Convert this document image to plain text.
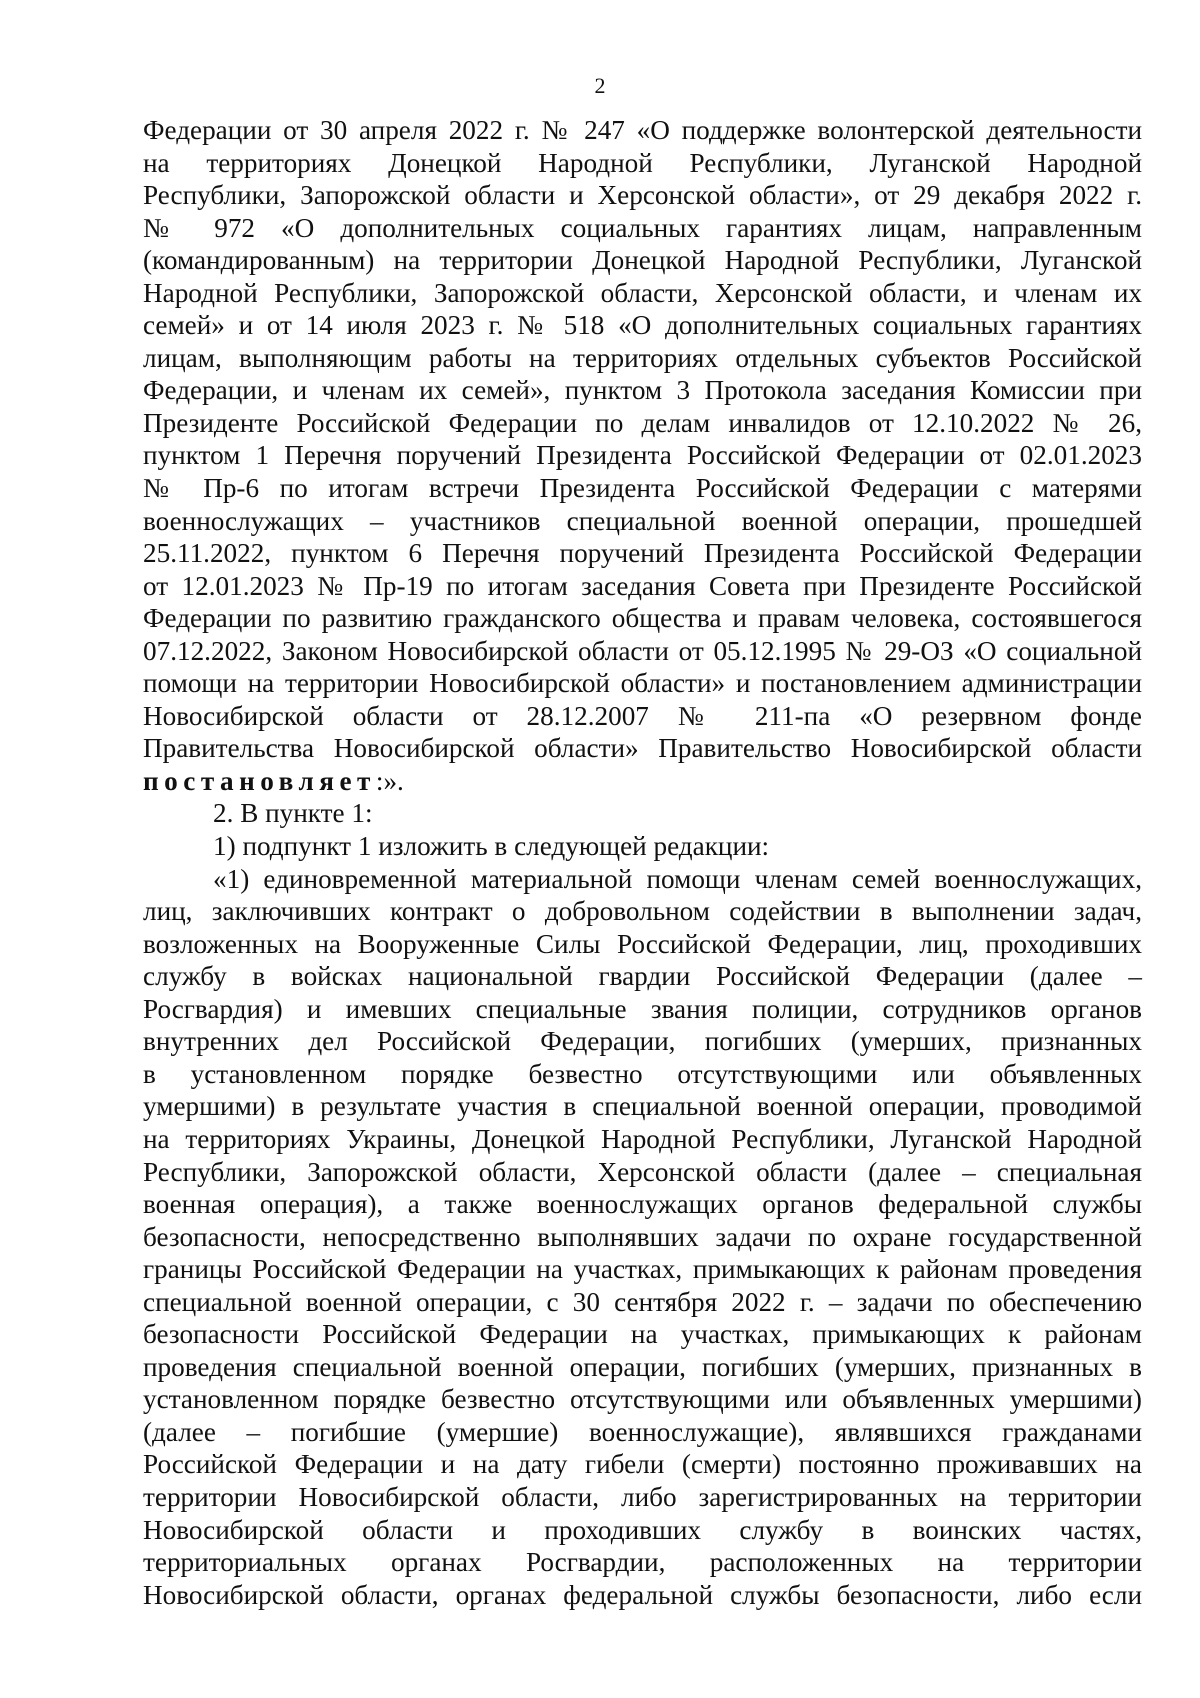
2
Федерации от 30 апреля 2022 г. № 247 «О поддержке волонтерской деятельности
на территориях Донецкой Народной Республики, Луганской Народной
Республики, Запорожской области и Херсонской области», от 29 декабря 2022 г.
№ 972 «О дополнительных социальных гарантиях лицам, направленным
(командированным) на территории Донецкой Народной Республики, Луганской
Народной Республики, Запорожской области, Херсонской области, и членам их
семей» и от 14 июля 2023 г. № 518 «О дополнительных социальных гарантиях
лицам, выполняющим работы на территориях отдельных субъектов Российской
Федерации, и членам их семей», пунктом 3 Протокола заседания Комиссии при
Президенте Российской Федерации по делам инвалидов от 12.10.2022 № 26,
пунктом 1 Перечня поручений Президента Российской Федерации от 02.01.2023
№ Пр-6 по итогам встречи Президента Российской Федерации с матерями
военнослужащих – участников специальной военной операции, прошедшей
25.11.2022, пунктом 6 Перечня поручений Президента Российской Федерации
от 12.01.2023 № Пр-19 по итогам заседания Совета при Президенте Российской
Федерации по развитию гражданского общества и правам человека, состоявшегося
07.12.2022, Законом Новосибирской области от 05.12.1995 № 29-ОЗ «О социальной
помощи на территории Новосибирской области» и постановлением администрации
Новосибирской области от 28.12.2007 № 211-па «О резервном фонде
Правительства Новосибирской области» Правительство Новосибирской области
постановляет:».
2. В пункте 1:
1) подпункт 1 изложить в следующей редакции:
«1) единовременной материальной помощи членам семей военнослужащих,
лиц, заключивших контракт о добровольном содействии в выполнении задач,
возложенных на Вооруженные Силы Российской Федерации, лиц, проходивших
службу в войсках национальной гвардии Российской Федерации (далее –
Росгвардия) и имевших специальные звания полиции, сотрудников органов
внутренних дел Российской Федерации, погибших (умерших, признанных
в установленном порядке безвестно отсутствующими или объявленных
умершими) в результате участия в специальной военной операции, проводимой
на территориях Украины, Донецкой Народной Республики, Луганской Народной
Республики, Запорожской области, Херсонской области (далее – специальная
военная операция), а также военнослужащих органов федеральной службы
безопасности, непосредственно выполнявших задачи по охране государственной
границы Российской Федерации на участках, примыкающих к районам проведения
специальной военной операции, с 30 сентября 2022 г. – задачи по обеспечению
безопасности Российской Федерации на участках, примыкающих к районам
проведения специальной военной операции, погибших (умерших, признанных в
установленном порядке безвестно отсутствующими или объявленных умершими)
(далее – погибшие (умершие) военнослужащие), являвшихся гражданами
Российской Федерации и на дату гибели (смерти) постоянно проживавших на
территории Новосибирской области, либо зарегистрированных на территории
Новосибирской области и проходивших службу в воинских частях,
территориальных органах Росгвардии, расположенных на территории
Новосибирской области, органах федеральной службы безопасности, либо если
